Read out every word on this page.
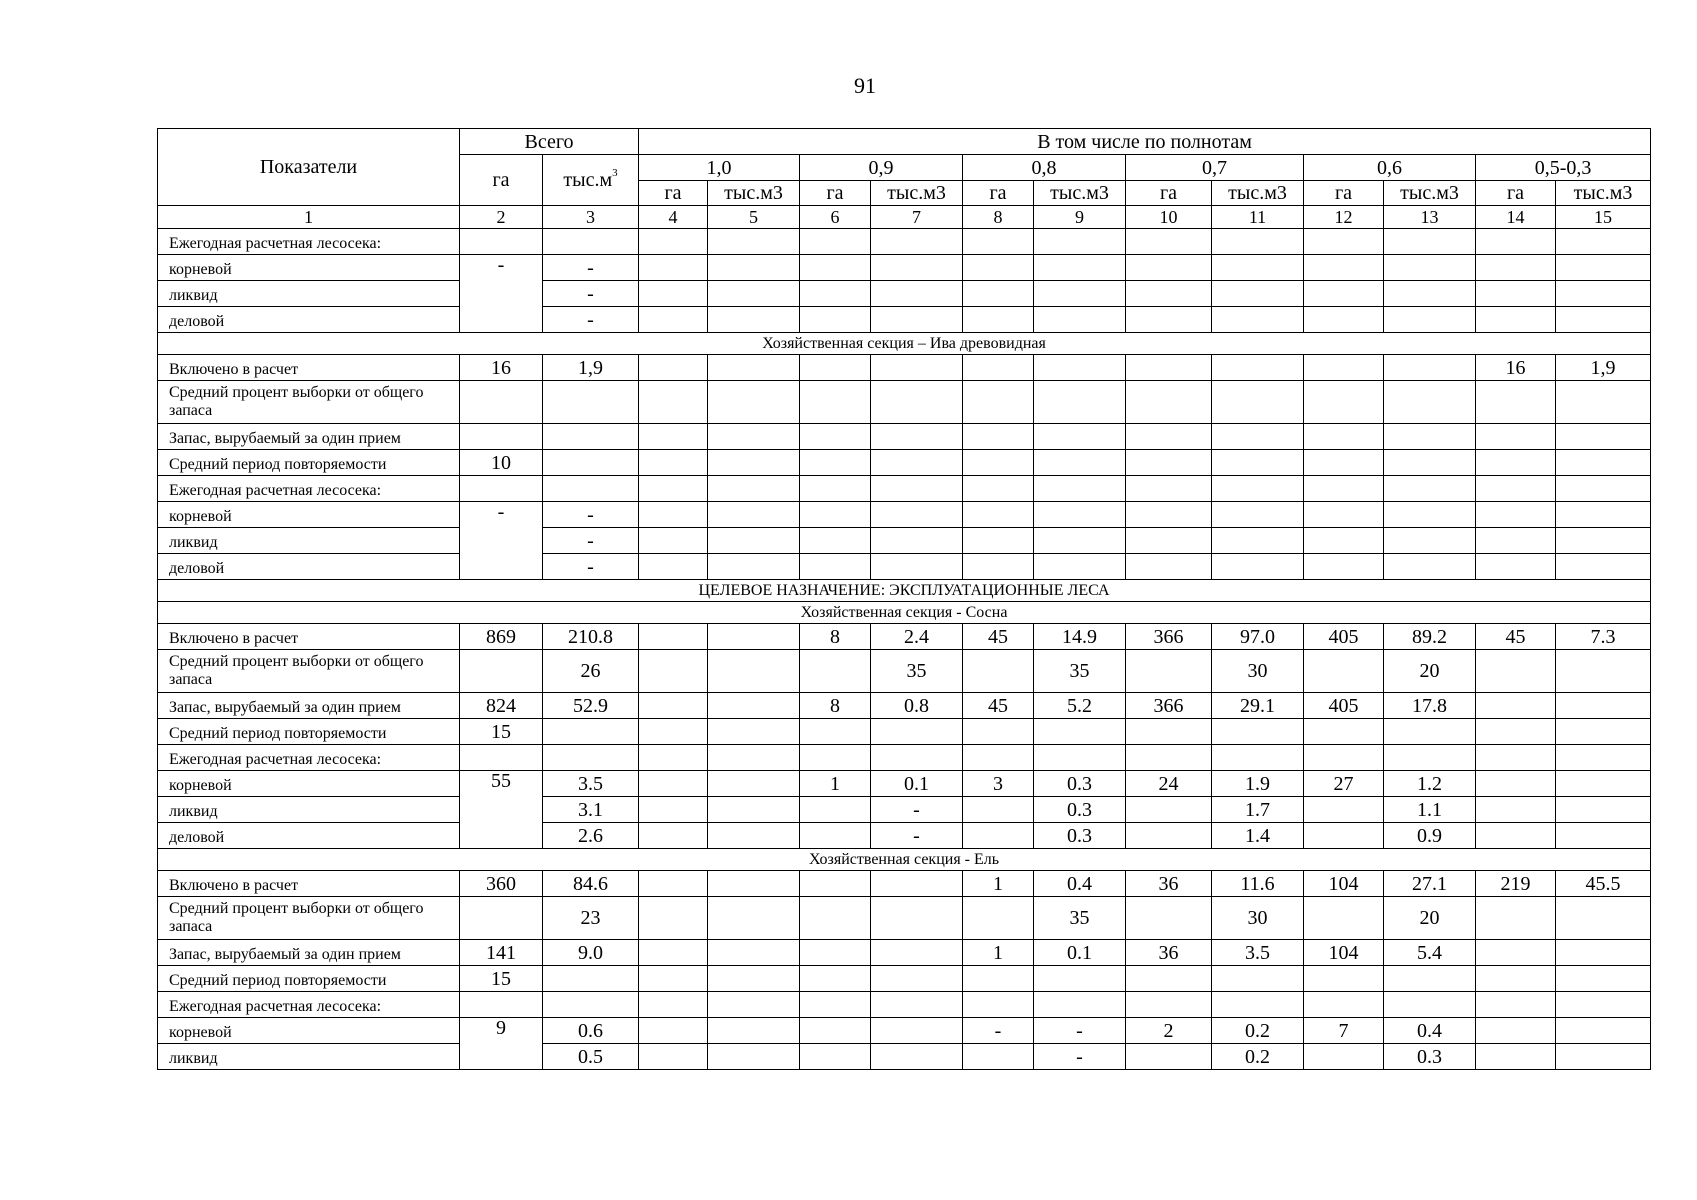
91
Показатели	Всего		В том числе по полнотам											
	га	$тыс.м^3$	1,0		0,9		0,8		0,7		0,6		0,5-0,3	
			га	тыс.м3	га	тыс.м3	га	тыс.м3	га	тыс.м3	га	тыс.м3	га	тыс.м3
1	2	3	4	5	6	7	8	9	10	11	12	13	14	15
Ежегодная расчетная лесосека:														
корневой	-	-												
ликвид		-												
деловой		-												
Хозяйственная секция – Ива древовидная														
Включено в расчет	16	1,9											16	1,9
Средний процент выборки от общего запаса														
Запас, вырубаемый за один прием														
Средний период повторяемости	10													
Ежегодная расчетная лесосека:														
корневой	-	-												
ликвид		-												
деловой		-												
ЦЕЛЕВОЕ НАЗНАЧЕНИЕ: ЭКСПЛУАТАЦИОННЫЕ ЛЕСА														
Хозяйственная секция - Сосна														
Включено в расчет	869	210.8			8	2.4	45	14.9	366	97.0	405	89.2	45	7.3
Средний процент выборки от общего запаса		26				35		35		30		20		
Запас, вырубаемый за один прием	824	52.9			8	0.8	45	5.2	366	29.1	405	17.8		
Средний период повторяемости	15													
Ежегодная расчетная лесосека:														
корневой	55	3.5			1	0.1	3	0.3	24	1.9	27	1.2		
ликвид		3.1				-		0.3		1.7		1.1		
деловой		2.6				-		0.3		1.4		0.9		
Хозяйственная секция - Ель														
Включено в расчет	360	84.6					1	0.4	36	11.6	104	27.1	219	45.5
Средний процент выборки от общего запаса		23						35		30		20		
Запас, вырубаемый за один прием	141	9.0					1	0.1	36	3.5	104	5.4		
Средний период повторяемости	15													
Ежегодная расчетная лесосека:														
корневой	9	0.6					-	-	2	0.2	7	0.4		
ликвид		0.5						-		0.2		0.3		
